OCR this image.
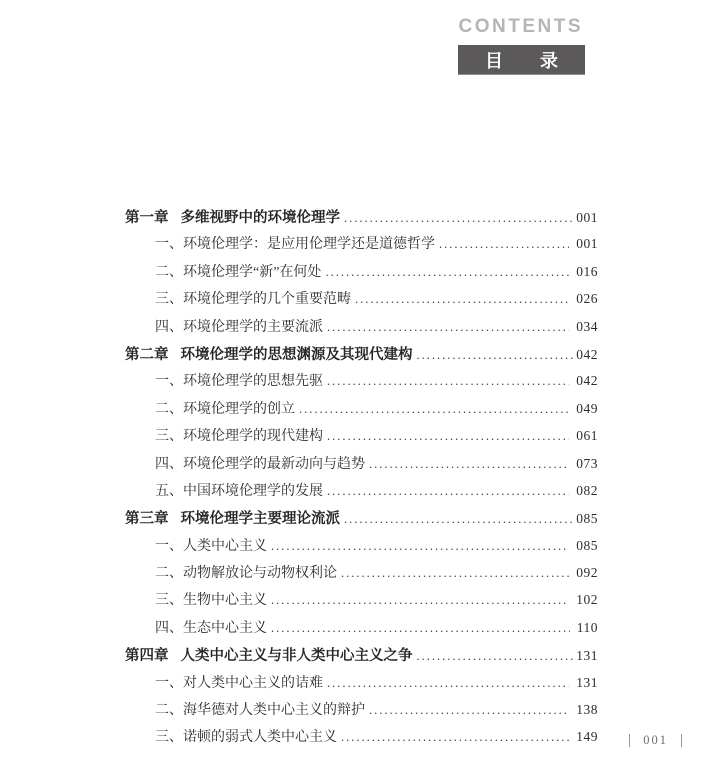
CONTENTS
目 录
第一章 多维视野中的环境伦理学 .....	001
一、 环境伦理学：是应用伦理学还是道德哲学 .....	001
二、 环境伦理学“新”在何处 .....	016
三、 环境伦理学的几个重要范畴 .....	026
四、 环境伦理学的主要流派 .....	034
第二章 环境伦理学的思想渊源及其现代建构 .....	042
一、 环境伦理学的思想先驱 .....	042
二、 环境伦理学的创立 .....	049
三、 环境伦理学的现代建构 .....	061
四、 环境伦理学的最新动向与趋势 .....	073
五、 中国环境伦理学的发展 .....	082
第三章 环境伦理学主要理论流派 .....	085
一、 人类中心主义 .....	085
二、 动物解放论与动物权利论 .....	092
三、 生物中心主义 .....	102
四、 生态中心主义 .....	110
第四章 人类中心主义与非人类中心主义之争 .....	131
一、 对人类中心主义的诘难 .....	131
二、 海华德对人类中心主义的辩护 .....	138
三、 诺顿的弱式人类中心主义 .....	149	001
